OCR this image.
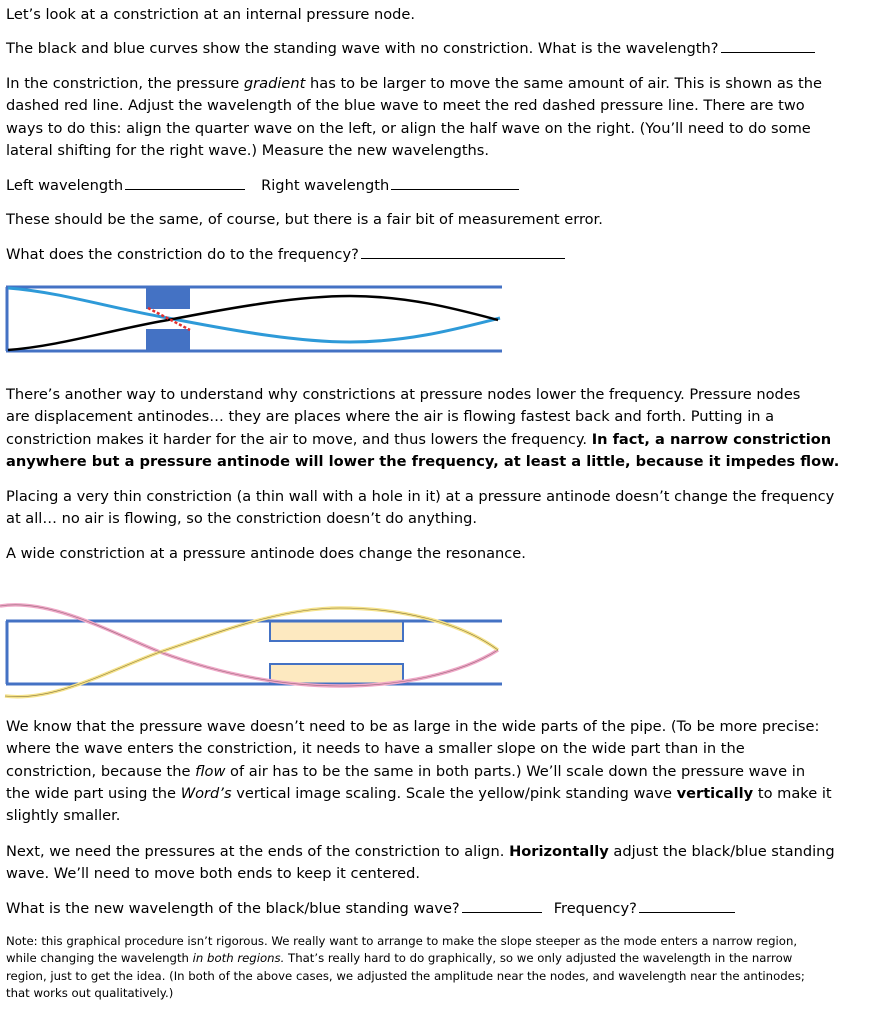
Let’s look at a constriction at an internal pressure node.

The black and blue curves show the standing wave with no constriction. What is the wavelength?

In the constriction, the pressure gradient has to be larger to move the same amount of air. This is shown as the
dashed red line. Adjust the wavelength of the blue wave to meet the red dashed pressure line. There are two
ways to do this: align the quarter wave on the left, or align the half wave on the right. (You’ll need to do some
lateral shifting for the right wave.) Measure the new wavelengths.

Left wavelength	Right wavelength

These should be the same, of course, but there is a fair bit of measurement error.

What does the constriction do to the frequency?

There’s another way to understand why constrictions at pressure nodes lower the frequency. Pressure nodes
are displacement antinodes… they are places where the air is flowing fastest back and forth. Putting in a
constriction makes it harder for the air to move, and thus lowers the frequency. In fact, a narrow constriction
anywhere but a pressure antinode will lower the frequency, at least a little, because it impedes flow.
Placing a very thin constriction (a thin wall with a hole in it) at a pressure antinode doesn’t change the frequency
at all… no air is flowing, so the constriction doesn’t do anything.

A wide constriction at a pressure antinode does change the resonance.

We know that the pressure wave doesn’t need to be as large in the wide parts of the pipe. (To be more precise:
where the wave enters the constriction, it needs to have a smaller slope on the wide part than in the
constriction, because the flow of air has to be the same in both parts.) We’ll scale down the pressure wave in
the wide part using the Word’s vertical image scaling. Scale the yellow/pink standing wave vertically to make it
slightly smaller.
Next, we need the pressures at the ends of the constriction to align. Horizontally adjust the black/blue standing
wave. We’ll need to move both ends to keep it centered.

What is the new wavelength of the black/blue standing wave?	Frequency?

Note: this graphical procedure isn’t rigorous. We really want to arrange to make the slope steeper as the mode enters a narrow region,
while changing the wavelength in both regions. That’s really hard to do graphically, so we only adjusted the wavelength in the narrow
region, just to get the idea. (In both of the above cases, we adjusted the amplitude near the nodes, and wavelength near the antinodes;
that works out qualitatively.)
